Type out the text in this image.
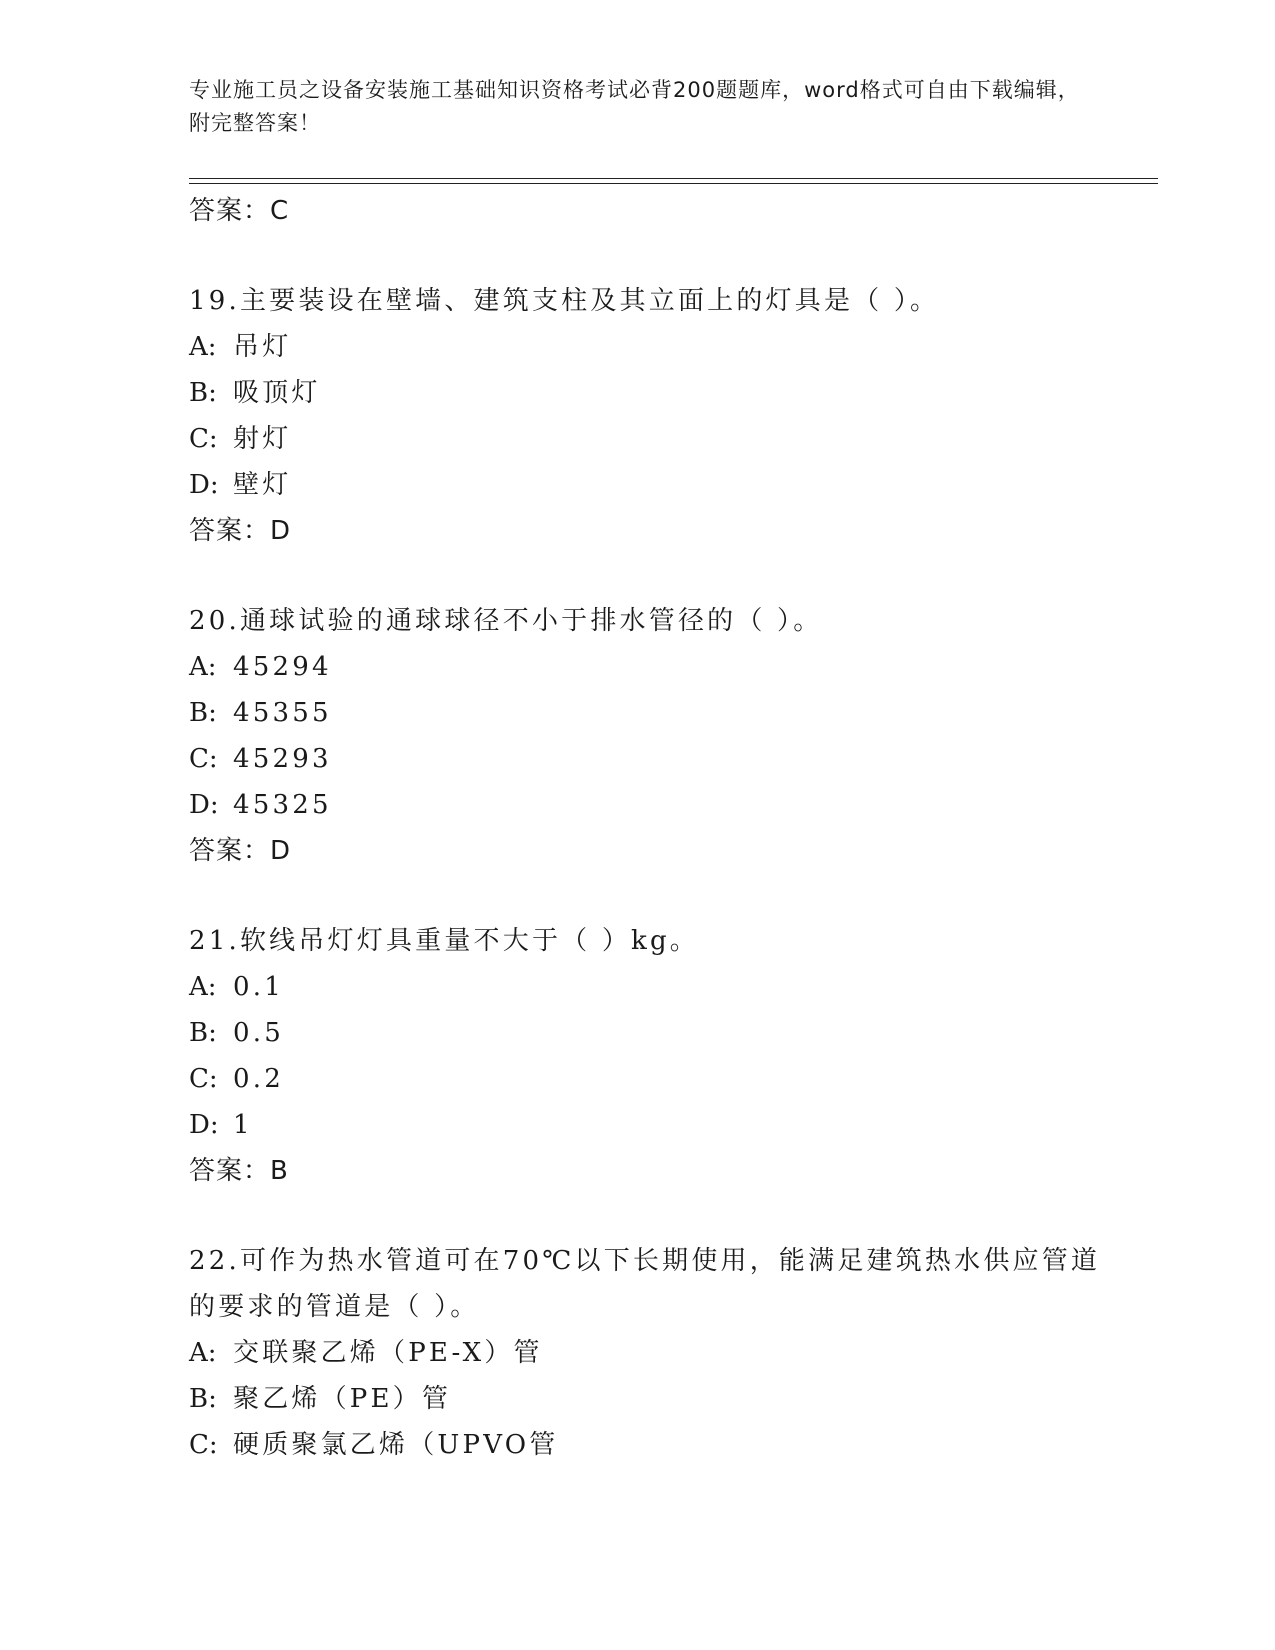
专业施工员之设备安装施工基础知识资格考试必背200题题库，word格式可自由下载编辑，附完整答案！
答案：C
19.主要装设在壁墙、建筑支柱及其立面上的灯具是（ ）。
A: 吊灯
B: 吸顶灯
C: 射灯
D: 壁灯
答案：D
20.通球试验的通球球径不小于排水管径的（ ）。
A: 45294
B: 45355
C: 45293
D: 45325
答案：D
21.软线吊灯灯具重量不大于（ ）kg。
A: 0.1
B: 0.5
C: 0.2
D: 1
答案：B
22.可作为热水管道可在70℃以下长期使用，能满足建筑热水供应管道的要求的管道是（ ）。
A: 交联聚乙烯（PE-X）管
B: 聚乙烯（PE）管
C: 硬质聚氯乙烯（UPVO管
